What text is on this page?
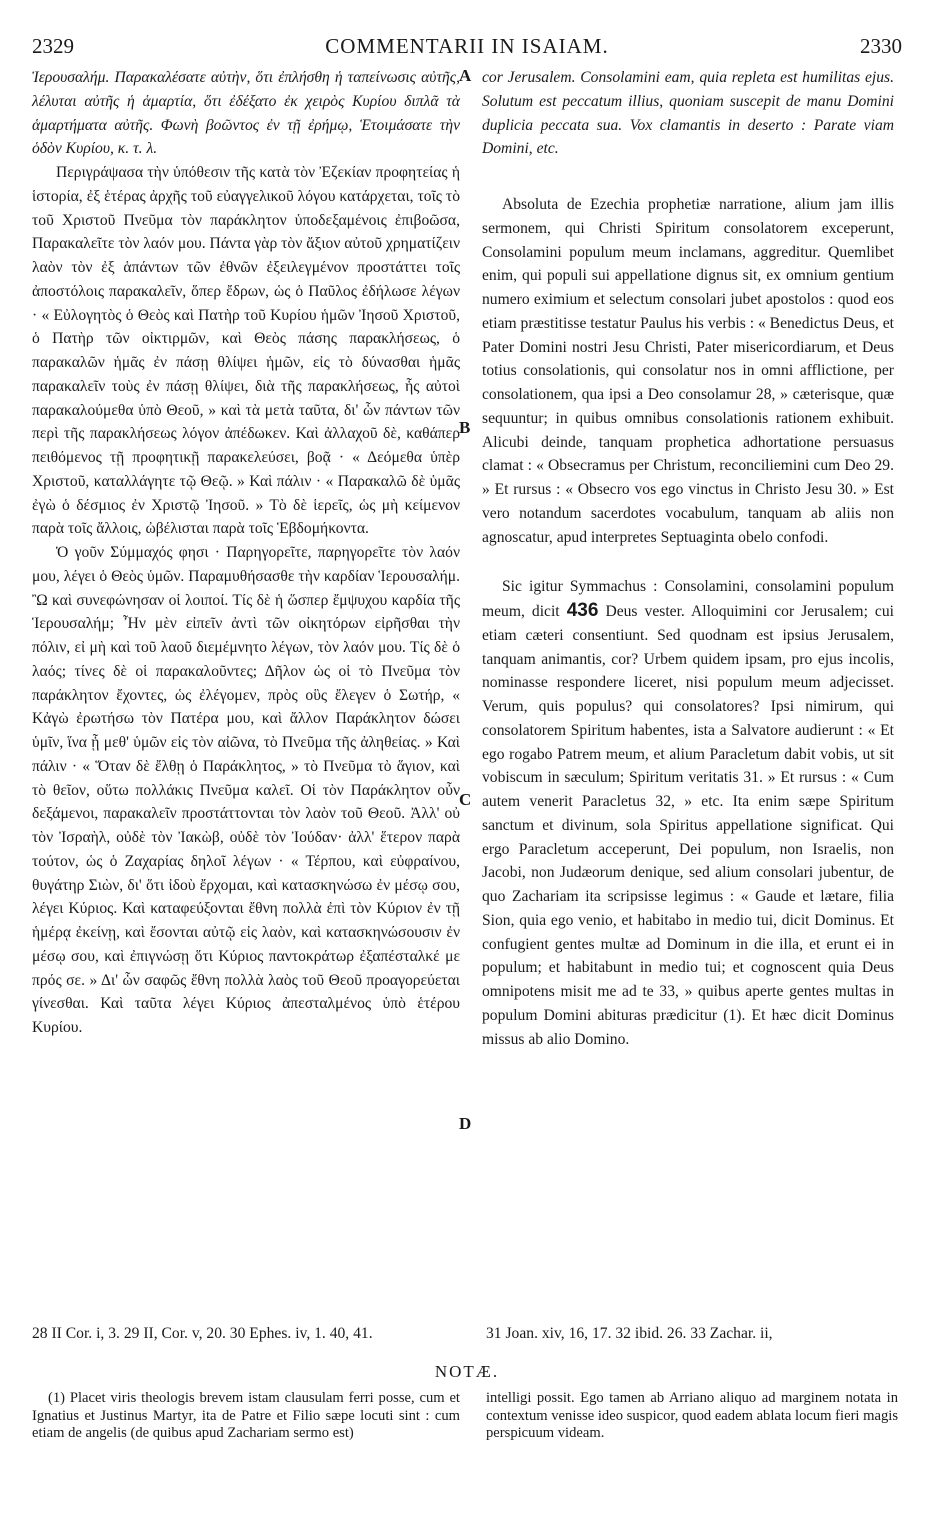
2329	COMMENTARII IN ISAIAM.	2330

Ἱερουσαλήμ. Παρακαλέσατε αὐτὴν, ὅτι ἐπλήσθη ἡ ταπείνωσις αὐτῆς, λέλυται αὐτῆς ἡ ἁμαρτία, ὅτι ἐδέξατο ἐκ χειρὸς Κυρίου διπλᾶ τὰ ἁμαρτήματα αὐτῆς. Φωνὴ βοῶντος ἐν τῇ ἐρήμῳ, Ἑτοιμάσατε τὴν ὁδὸν Κυρίου, κ. τ. λ.

Περιγράψασα τὴν ὑπόθεσιν τῆς κατὰ τὸν Ἐζεκίαν προφητείας ἡ ἱστορία, ἐξ ἑτέρας ἀρχῆς τοῦ εὐαγγελικοῦ λόγου κατάρχεται, τοῖς τὸ τοῦ Χριστοῦ Πνεῦμα τὸν παράκλητον ὑποδεξαμένοις ἐπιβοῶσα, Παρακαλεῖτε τὸν λαόν μου. Πάντα γὰρ τὸν ἄξιον αὐτοῦ χρηματίζειν λαὸν τὸν ἐξ ἁπάντων τῶν ἐθνῶν ἐξειλεγμένον προστάττει τοῖς ἀποστόλοις παρακαλεῖν, ὅπερ ἔδρων, ὡς ὁ Παῦλος ἐδήλωσε λέγων · « Εὐλογητὸς ὁ Θεὸς καὶ Πατὴρ τοῦ Κυρίου ἡμῶν Ἰησοῦ Χριστοῦ, ὁ Πατὴρ τῶν οἰκτιρμῶν, καὶ Θεὸς πάσης παρακλήσεως, ὁ παρακαλῶν ἡμᾶς ἐν πάσῃ θλίψει ἡμῶν, εἰς τὸ δύνασθαι ἡμᾶς παρακαλεῖν τοὺς ἐν πάσῃ θλίψει, διὰ τῆς παρακλήσεως, ἧς αὐτοὶ παρακαλούμεθα ὑπὸ Θεοῦ, » καὶ τὰ μετὰ ταῦτα, δι' ὧν πάντων τῶν περὶ τῆς παρακλήσεως λόγον ἀπέδωκεν. Καὶ ἀλλαχοῦ δὲ, καθάπερ πειθόμενος τῇ προφητικῇ παρακελεύσει, βοᾷ · « Δεόμεθα ὑπὲρ Χριστοῦ, καταλλάγητε τῷ Θεῷ. » Καὶ πάλιν · « Παρακαλῶ δὲ ὑμᾶς ἐγὼ ὁ δέσμιος ἐν Χριστῷ Ἰησοῦ. » Τὸ δὲ ἱερεῖς, ὡς μὴ κείμενον παρὰ τοῖς ἄλλοις, ὠβέλισται παρὰ τοῖς Ἑβδομήκοντα.

Ὁ γοῦν Σύμμαχός φησι · Παρηγορεῖτε, παρηγορεῖτε τὸν λαόν μου, λέγει ὁ Θεὸς ὑμῶν. Παραμυθήσασθε τὴν καρδίαν Ἱερουσαλήμ. Ὢ καὶ συνεφώνησαν οἱ λοιποί. Τίς δὲ ἡ ὥσπερ ἔμψυχου καρδία τῆς Ἱερουσαλήμ; Ἦν μὲν εἰπεῖν ἀντὶ τῶν οἰκητόρων εἰρῆσθαι τὴν πόλιν, εἰ μὴ καὶ τοῦ λαοῦ διεμέμνητο λέγων, τὸν λαόν μου. Τίς δὲ ὁ λαός; τίνες δὲ οἱ παρακαλοῦντες; Δῆλον ὡς οἱ τὸ Πνεῦμα τὸν παράκλητον ἔχοντες, ὡς ἐλέγομεν, πρὸς οὓς ἔλεγεν ὁ Σωτήρ, « Κἀγὼ ἐρωτήσω τὸν Πατέρα μου, καὶ ἄλλον Παράκλητον δώσει ὑμῖν, ἵνα ᾖ μεθ' ὑμῶν εἰς τὸν αἰῶνα, τὸ Πνεῦμα τῆς ἀληθείας. » Καὶ πάλιν · « Ὅταν δὲ ἔλθῃ ὁ Παράκλητος, » τὸ Πνεῦμα τὸ ἅγιον, καὶ τὸ θεῖον, οὕτω πολλάκις Πνεῦμα καλεῖ. Οἱ τὸν Παράκλητον οὖν δεξάμενοι, παρακαλεῖν προστάττονται τὸν λαὸν τοῦ Θεοῦ. Ἀλλ' οὐ τὸν Ἰσραὴλ, οὐδὲ τὸν Ἰακὼβ, οὐδὲ τὸν Ἰούδαν· ἀλλ' ἕτερον παρὰ τούτον, ὡς ὁ Ζαχαρίας δηλοῖ λέγων · « Τέρπου, καὶ εὐφραίνου, θυγάτηρ Σιὼν, δι' ὅτι ἰδοὺ ἔρχομαι, καὶ κατασκηνώσω ἐν μέσῳ σου, λέγει Κύριος. Καὶ καταφεύξονται ἔθνη πολλὰ ἐπὶ τὸν Κύριον ἐν τῇ ἡμέρᾳ ἐκείνῃ, καὶ ἔσονται αὐτῷ εἰς λαὸν, καὶ κατασκηνώσουσιν ἐν μέσῳ σου, καὶ ἐπιγνώσῃ ὅτι Κύριος παντοκράτωρ ἐξαπέσταλκέ με πρός σε. » Δι' ὧν σαφῶς ἔθνη πολλὰ λαὸς τοῦ Θεοῦ προαγορεύεται γίνεσθαι. Καὶ ταῦτα λέγει Κύριος ἀπεσταλμένος ὑπὸ ἑτέρου Κυρίου.

A
B
C
D

cor Jerusalem. Consolamini eam, quia repleta est humilitas ejus. Solutum est peccatum illius, quoniam suscepit de manu Domini duplicia peccata sua. Vox clamantis in deserto : Parate viam Domini, etc.

Absoluta de Ezechia prophetiæ narratione, alium jam illis sermonem, qui Christi Spiritum consolatorem exceperunt, Consolamini populum meum inclamans, aggreditur. Quemlibet enim, qui populi sui appellatione dignus sit, ex omnium gentium numero eximium et selectum consolari jubet apostolos : quod eos etiam præstitisse testatur Paulus his verbis : « Benedictus Deus, et Pater Domini nostri Jesu Christi, Pater misericordiarum, et Deus totius consolationis, qui consolatur nos in omni afflictione, per consolationem, qua ipsi a Deo consolamur 28, » cæterisque, quæ sequuntur; in quibus omnibus consolationis rationem exhibuit. Alicubi deinde, tanquam prophetica adhortatione persuasus clamat : « Obsecramus per Christum, reconciliemini cum Deo 29. » Et rursus : « Obsecro vos ego vinctus in Christo Jesu 30. » Est vero notandum sacerdotes vocabulum, tanquam ab aliis non agnoscatur, apud interpretes Septuaginta obelo confodi.

Sic igitur Symmachus : Consolamini, consolamini populum meum, dicit 436 Deus vester. Alloquimini cor Jerusalem; cui etiam cæteri consentiunt. Sed quodnam est ipsius Jerusalem, tanquam animantis, cor? Urbem quidem ipsam, pro ejus incolis, nominasse respondere liceret, nisi populum meum adjecisset. Verum, quis populus? qui consolatores? Ipsi nimirum, qui consolatorem Spiritum habentes, ista a Salvatore audierunt : « Et ego rogabo Patrem meum, et alium Paracletum dabit vobis, ut sit vobiscum in sæculum; Spiritum veritatis 31. » Et rursus : « Cum autem venerit Paracletus 32, » etc. Ita enim sæpe Spiritum sanctum et divinum, sola Spiritus appellatione significat. Qui ergo Paracletum acceperunt, Dei populum, non Israelis, non Jacobi, non Judæorum denique, sed alium consolari jubentur, de quo Zachariam ita scripsisse legimus : « Gaude et lætare, filia Sion, quia ego venio, et habitabo in medio tui, dicit Dominus. Et confugient gentes multæ ad Dominum in die illa, et erunt ei in populum; et habitabunt in medio tui; et cognoscent quia Deus omnipotens misit me ad te 33, » quibus aperte gentes multas in populum Domini abituras prædicitur (1). Et hæc dicit Dominus missus ab alio Domino.

28 II Cor. i, 3. 29 II, Cor. v, 20. 30 Ephes. iv, 1. 40, 41.	31 Joan. xiv, 16, 17. 32 ibid. 26. 33 Zachar. ii,
NOTÆ.
(1) Placet viris theologis brevem istam clausulam ferri posse, cum et Ignatius et Justinus Martyr, ita de Patre et Filio sæpe locuti sint : cum etiam de angelis (de quibus apud Zachariam sermo est)
intelligi possit. Ego tamen ab Arriano aliquo ad marginem notata in contextum venisse ideo suspicor, quod eadem ablata locum fieri magis perspicuum videam.
